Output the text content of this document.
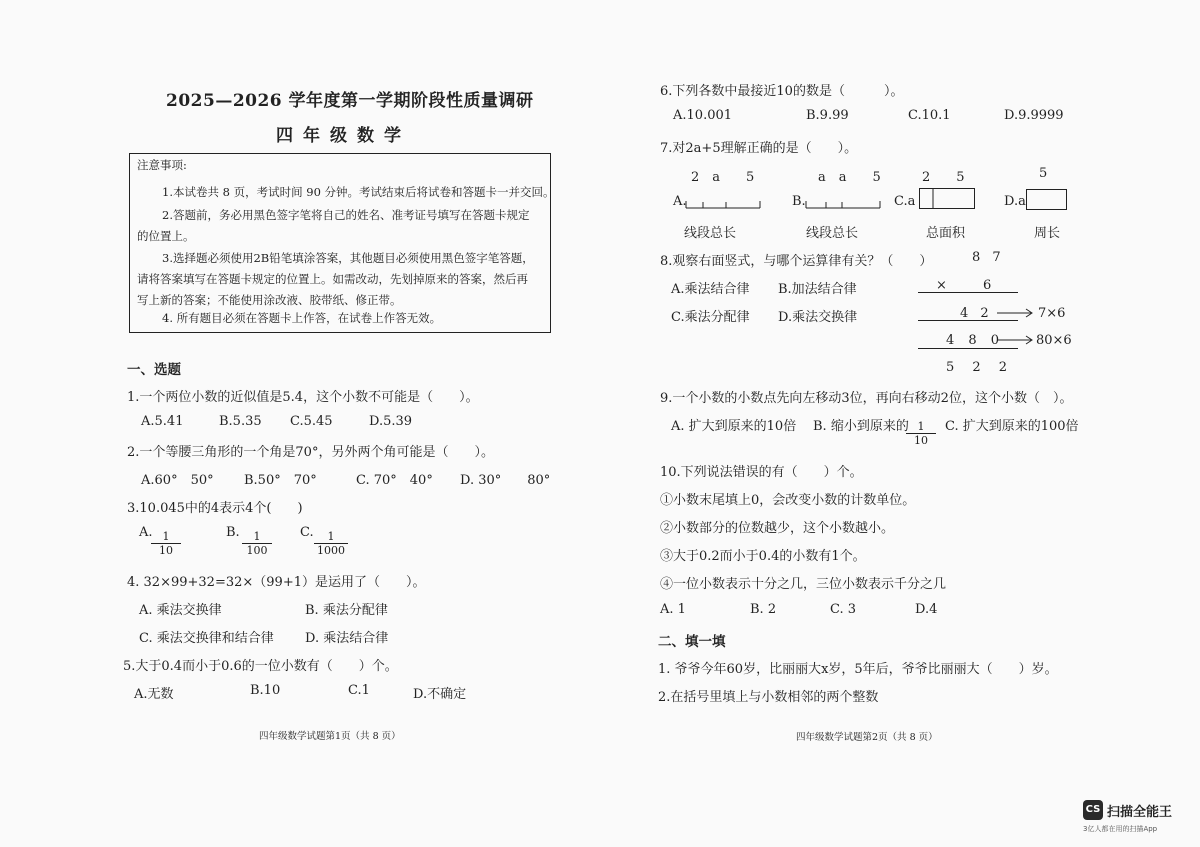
2025—2026 学年度第一学期阶段性质量调研
四年级数学
注意事项:
1.本试卷共 8 页，考试时间 90 分钟。考试结束后将试卷和答题卡一并交回。
2.答题前，务必用黑色签字笔将自己的姓名、准考证号填写在答题卡规定
的位置上。
3.选择题必须使用2B铅笔填涂答案，其他题目必须使用黑色签字笔答题，
请将答案填写在答题卡规定的位置上。如需改动，先划掉原来的答案，然后再
写上新的答案；不能使用涂改液、胶带纸、修正带。
4. 所有题目必须在答题卡上作答，在试卷上作答无效。
一、选题
1.一个两位小数的近似值是5.4，这个小数不可能是（　　）。
A.5.41	B.5.35 C.5.45	D.5.39
2.一个等腰三角形的一个角是70°，另外两个角可能是（　　）。
A.60°　50° B.50°　70°	C. 70°　40° D. 30°　　80°
3.10.045中的4表示4个(　　)
A.
$\frac{1}{10}$	B. $\frac{1}{100} C$. $\frac{1}{1000}$
4. 32×99+32=32×（99+1）是运用了（　　）。
A. 乘法交换律	B. 乘法分配律
C. 乘法交换律和结合律 D. 乘法结合律
5.大于0.4而小于0.6的一位小数有（　　）个。
A.无数	B.10	C.1	D.不确定
四年级数学试题第1页（共 8 页）
6.下列各数中最接近10的数是（　　　）。
A.10.001	B.9.99	C.10.1	D.9.9999
7.对2a+5理解正确的是（　　）。
2　a　　5	a　a　　5	2　　5	5
A.	B.	C.a	D.a
线段总长	线段总长	总面积	周长
8.观察右面竖式，与哪个运算律有关？（　　）
A.乘法结合律 B.加法结合律
C.乘法分配律 D.乘法交换律
8 7
×	6
4 2	7×6
4 8 0 80×6
5 2 2
9.一个小数的小数点先向左移动3位，再向右移动2位，这个小数（　）。
A. 扩大到原来的10倍 B. 缩小到原来的
$\frac{1}{10} C$. 扩大到原来的100倍
10.下列说法错误的有（　　）个。
①小数末尾填上0，会改变小数的计数单位。
②小数部分的位数越少，这个小数越小。
③大于0.2而小于0.4的小数有1个。
④一位小数表示十分之几，三位小数表示千分之几
A. 1	B. 2	C. 3	D.4
二、填一填
1. 爷爷今年60岁，比丽丽大x岁，5年后，爷爷比丽丽大（　　）岁。
2.在括号里填上与小数相邻的两个整数
四年级数学试题第2页（共 8 页）
CS 扫描全能王
3亿人都在用的扫描App
